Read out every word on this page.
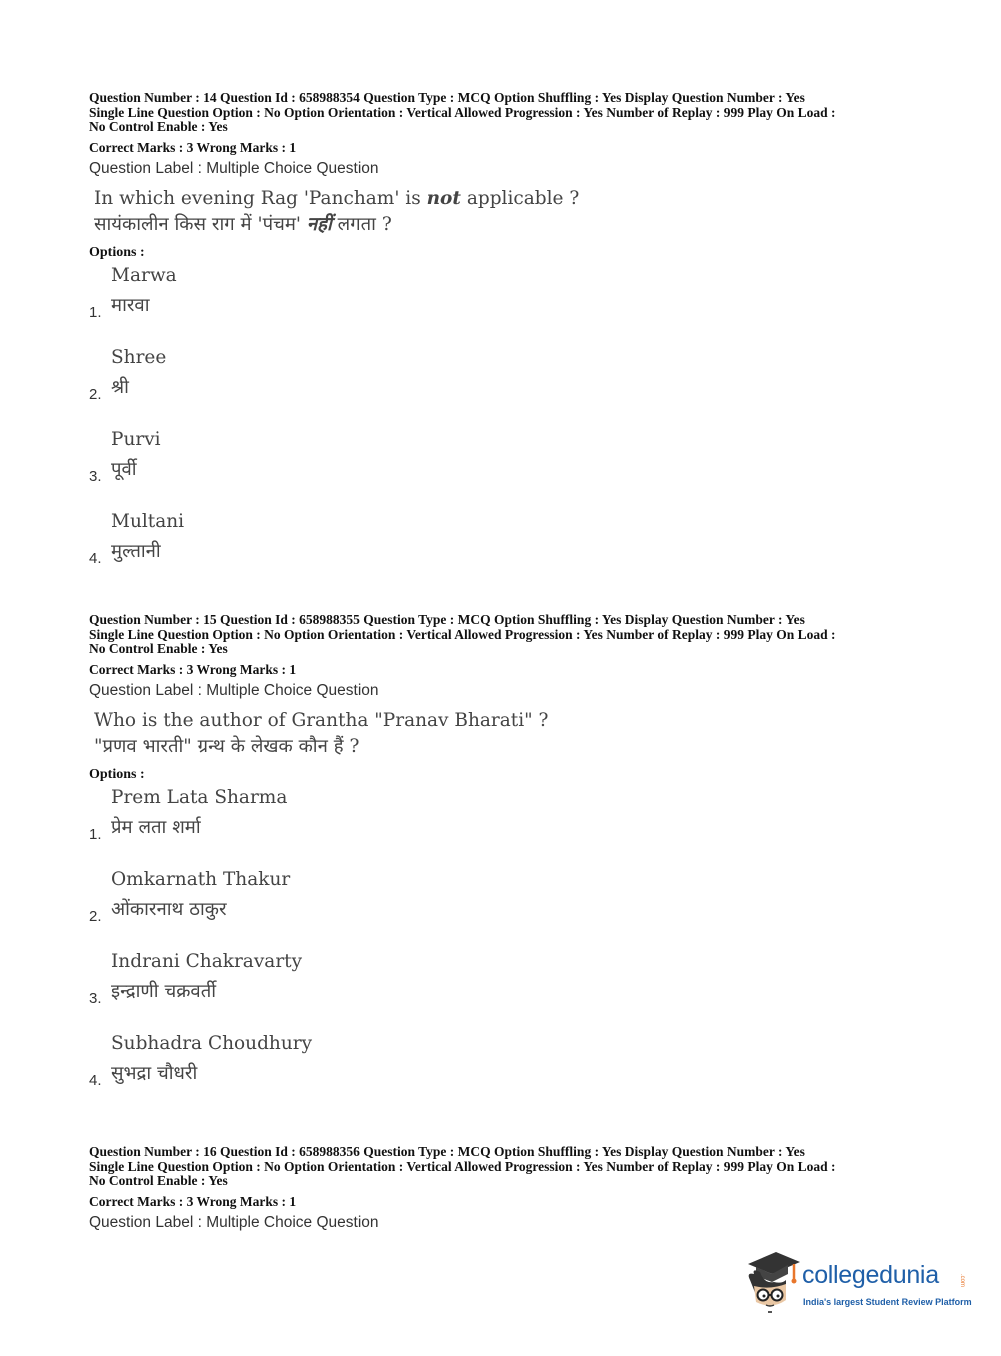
Question Number : 14 Question Id : 658988354 Question Type : MCQ Option Shuffling : Yes Display Question Number : Yes
Single Line Question Option : No Option Orientation : Vertical Allowed Progression : Yes Number of Replay : 999 Play On Load :
No Control Enable : Yes
Correct Marks : 3 Wrong Marks : 1
Question Label : Multiple Choice Question
In which evening Rag 'Pancham' is not applicable ?
सायंकालीन किस राग में 'पंचम' नहीं लगता ?
Options :
1.
Marwa
मारवा
2.
Shree
श्री
3.
Purvi
पूर्वी
4.
Multani
मुल्तानी
Question Number : 15 Question Id : 658988355 Question Type : MCQ Option Shuffling : Yes Display Question Number : Yes
Single Line Question Option : No Option Orientation : Vertical Allowed Progression : Yes Number of Replay : 999 Play On Load :
No Control Enable : Yes
Correct Marks : 3 Wrong Marks : 1
Question Label : Multiple Choice Question
Who is the author of Grantha "Pranav Bharati" ?
"प्रणव भारती" ग्रन्थ के लेखक कौन हैं ?
Options :
1.
Prem Lata Sharma
प्रेम लता शर्मा
2.
Omkarnath Thakur
ओंकारनाथ ठाकुर
3.
Indrani Chakravarty
इन्द्राणी चक्रवर्ती
4.
Subhadra Choudhury
सुभद्रा चौधरी
Question Number : 16 Question Id : 658988356 Question Type : MCQ Option Shuffling : Yes Display Question Number : Yes
Single Line Question Option : No Option Orientation : Vertical Allowed Progression : Yes Number of Replay : 999 Play On Load :
No Control Enable : Yes
Correct Marks : 3 Wrong Marks : 1
Question Label : Multiple Choice Question
collegedunia	.com
India's largest Student Review Platform
